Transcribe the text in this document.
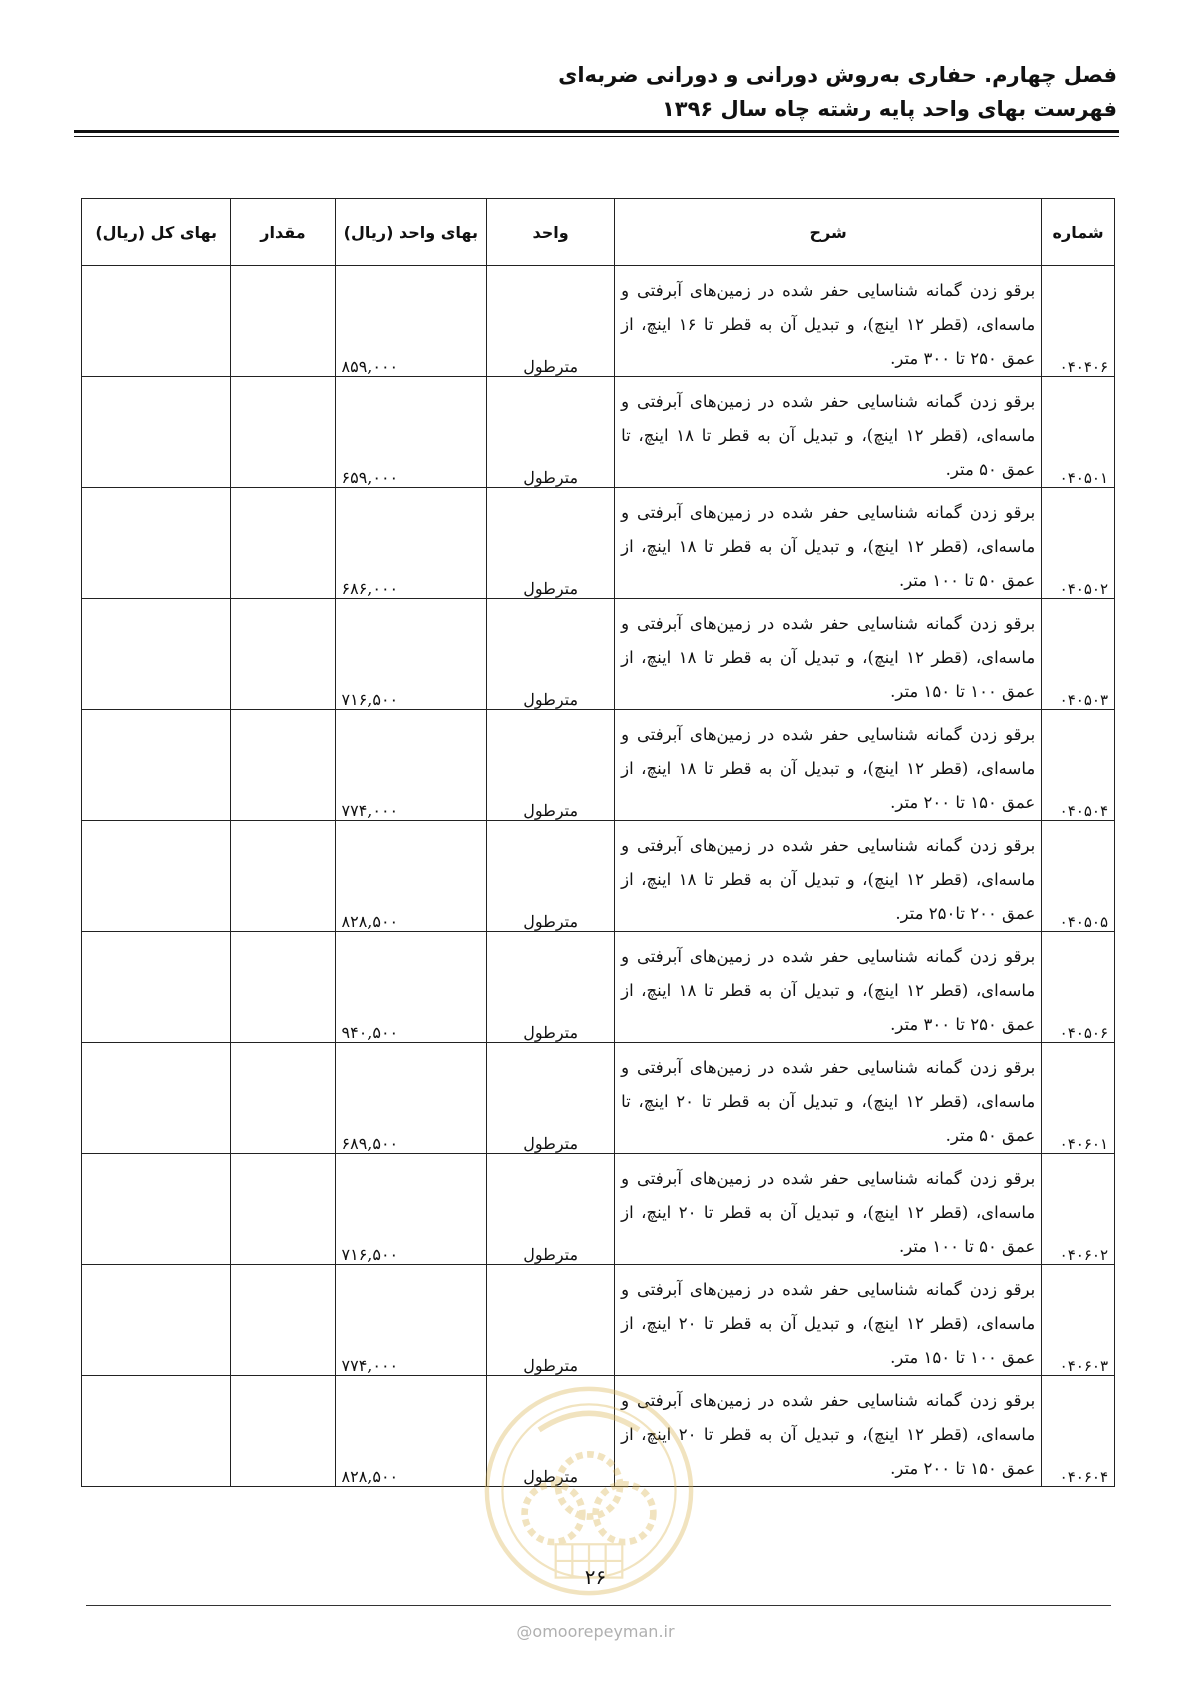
فصل چهارم. حفاری به‌روش دورانی و دورانی ضربه‌ای
فهرست بهای واحد پایه رشته چاه سال ۱۳۹۶
شماره	شرح	واحد	بهای واحد (ریال)	مقدار	بهای کل (ریال)
۰۴۰۴۰۶	برقو زدن گمانه شناسایی حفر شده در زمین‌های آبرفتی و ماسه‌ای، (قطر ۱۲ اینچ)، و تبدیل آن به قطر تا ۱۶ اینچ، از عمق ۲۵۰ تا ۳۰۰ متر.	مترطول	۸۵۹,۰۰۰		
۰۴۰۵۰۱	برقو زدن گمانه شناسایی حفر شده در زمین‌های آبرفتی و ماسه‌ای، (قطر ۱۲ اینچ)، و تبدیل آن به قطر تا ۱۸ اینچ، تا عمق ۵۰ متر.	مترطول	۶۵۹,۰۰۰		
۰۴۰۵۰۲	برقو زدن گمانه شناسایی حفر شده در زمین‌های آبرفتی و ماسه‌ای، (قطر ۱۲ اینچ)، و تبدیل آن به قطر تا ۱۸ اینچ، از عمق ۵۰ تا ۱۰۰ متر.	مترطول	۶۸۶,۰۰۰		
۰۴۰۵۰۳	برقو زدن گمانه شناسایی حفر شده در زمین‌های آبرفتی و ماسه‌ای، (قطر ۱۲ اینچ)، و تبدیل آن به قطر تا ۱۸ اینچ، از عمق ۱۰۰ تا ۱۵۰ متر.	مترطول	۷۱۶,۵۰۰		
۰۴۰۵۰۴	برقو زدن گمانه شناسایی حفر شده در زمین‌های آبرفتی و ماسه‌ای، (قطر ۱۲ اینچ)، و تبدیل آن به قطر تا ۱۸ اینچ، از عمق ۱۵۰ تا ۲۰۰ متر.	مترطول	۷۷۴,۰۰۰		
۰۴۰۵۰۵	برقو زدن گمانه شناسایی حفر شده در زمین‌های آبرفتی و ماسه‌ای، (قطر ۱۲ اینچ)، و تبدیل آن به قطر تا ۱۸ اینچ، از عمق ۲۰۰ تا۲۵۰ متر.	مترطول	۸۲۸,۵۰۰		
۰۴۰۵۰۶	برقو زدن گمانه شناسایی حفر شده در زمین‌های آبرفتی و ماسه‌ای، (قطر ۱۲ اینچ)، و تبدیل آن به قطر تا ۱۸ اینچ، از عمق ۲۵۰ تا ۳۰۰ متر.	مترطول	۹۴۰,۵۰۰		
۰۴۰۶۰۱	برقو زدن گمانه شناسایی حفر شده در زمین‌های آبرفتی و ماسه‌ای، (قطر ۱۲ اینچ)، و تبدیل آن به قطر تا ۲۰ اینچ، تا عمق ۵۰ متر.	مترطول	۶۸۹,۵۰۰		
۰۴۰۶۰۲	برقو زدن گمانه شناسایی حفر شده در زمین‌های آبرفتی و ماسه‌ای، (قطر ۱۲ اینچ)، و تبدیل آن به قطر تا ۲۰ اینچ، از عمق ۵۰ تا ۱۰۰ متر.	مترطول	۷۱۶,۵۰۰		
۰۴۰۶۰۳	برقو زدن گمانه شناسایی حفر شده در زمین‌های آبرفتی و ماسه‌ای، (قطر ۱۲ اینچ)، و تبدیل آن به قطر تا ۲۰ اینچ، از عمق ۱۰۰ تا ۱۵۰ متر.	مترطول	۷۷۴,۰۰۰		
۰۴۰۶۰۴	برقو زدن گمانه شناسایی حفر شده در زمین‌های آبرفتی و ماسه‌ای، (قطر ۱۲ اینچ)، و تبدیل آن به قطر تا ۲۰ اینچ، از عمق ۱۵۰ تا ۲۰۰ متر.	مترطول	۸۲۸,۵۰۰		
۲۶
@omoorepeyman.ir
